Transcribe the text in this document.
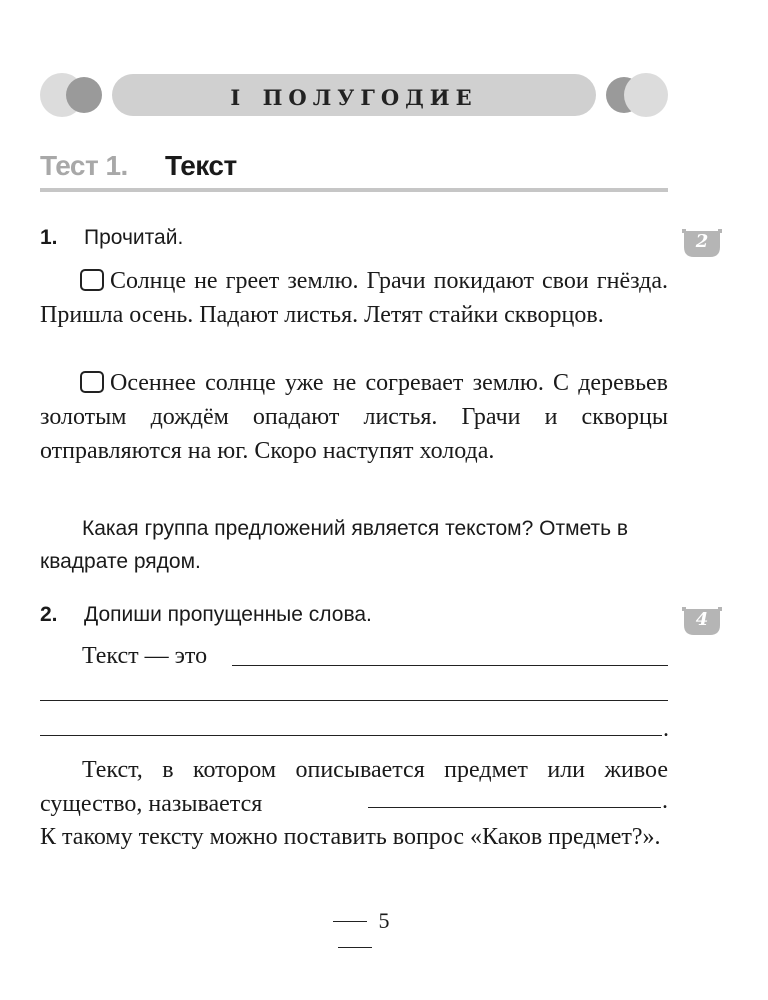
i полугодие
Тест 1. Текст
1. Прочитай.	2
Солнце не греет землю. Грачи покидают свои гнёзда. Пришла осень. Падают листья. Летят стайки скворцов.
Осеннее солнце уже не согревает землю. С деревьев золотым дождём опадают листья. Грачи и скворцы отправляются на юг. Скоро наступят холода.
Какая группа предложений является текстом? Отметь в квадрате рядом.
2. Допиши пропущенные слова.	4
Текст — это
.
Текст, в котором описывается предмет или живое существо, называется	.
К такому тексту можно поставить вопрос «Каков предмет?».
5
